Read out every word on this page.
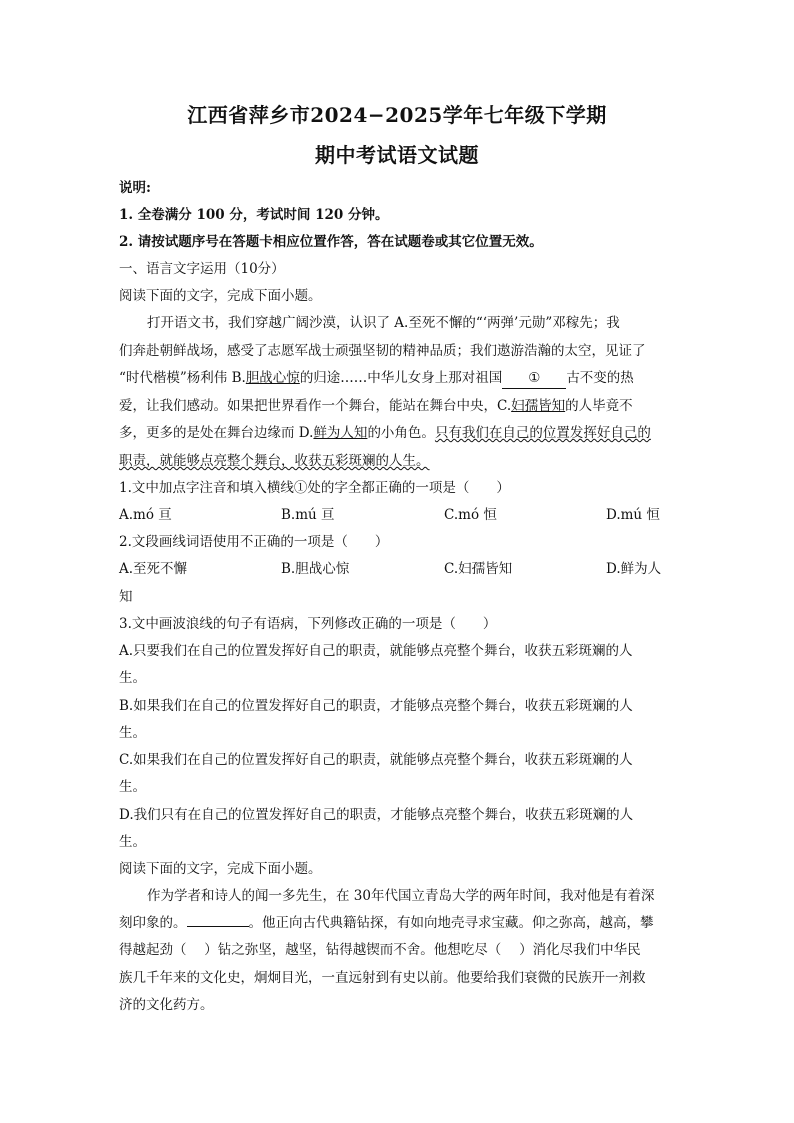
江西省萍乡市2024−2025学年七年级下学期
期中考试语文试题
说明:
1. 全卷满分 100 分，考试时间 120 分钟。
2. 请按试题序号在答题卡相应位置作答，答在试题卷或其它位置无效。
一、语言文字运用（10分）
阅读下面的文字，完成下面小题。
打开语文书，我们穿越广阔沙漠，认识了 A.至死不懈的“‘两弹’元勋”邓稼先；我
们奔赴朝鲜战场，感受了志愿军战士顽强坚韧的精神品质；我们遨游浩瀚的太空，见证了
“时代楷模”杨利伟 B.胆战心惊的归途……中华儿女身上那对祖国 ① 古不变的热
爱，让我们感动。如果把世界看作一个舞台，能站在舞台中央，C.妇孺皆知的人毕竟不
多，更多的是处在舞台边缘而 D.鲜为人知的小角色。只有我们在自己的位置发挥好自己的
职责，就能够点亮整个舞台，收获五彩斑斓的人生。
1.文中加点字注音和填入横线①处的字全都正确的一项是（　　）
A.mó 亘	B.mú 亘	C.mó 恒	D.mú 恒
2.文段画线词语使用不正确的一项是（　　）
A.至死不懈	B.胆战心惊	C.妇孺皆知	D.鲜为人
知
3.文中画波浪线的句子有语病，下列修改正确的一项是（　　）
A.只要我们在自己的位置发挥好自己的职责，就能够点亮整个舞台，收获五彩斑斓的人
生。
B.如果我们在自己的位置发挥好自己的职责，才能够点亮整个舞台，收获五彩斑斓的人
生。
C.如果我们在自己的位置发挥好自己的职责，就能够点亮整个舞台，收获五彩斑斓的人
生。
D.我们只有在自己的位置发挥好自己的职责，才能够点亮整个舞台，收获五彩斑斓的人
生。
阅读下面的文字，完成下面小题。
作为学者和诗人的闻一多先生，在 30年代国立青岛大学的两年时间，我对他是有着深
刻印象的。	。他正向古代典籍钻探，有如向地壳寻求宝藏。仰之弥高，越高，攀
得越起劲（　 ）钻之弥坚，越坚，钻得越锲而不舍。他想吃尽（　 ）消化尽我们中华民
族几千年来的文化史，炯炯目光，一直远射到有史以前。他要给我们衰微的民族开一剂救
济的文化药方。
